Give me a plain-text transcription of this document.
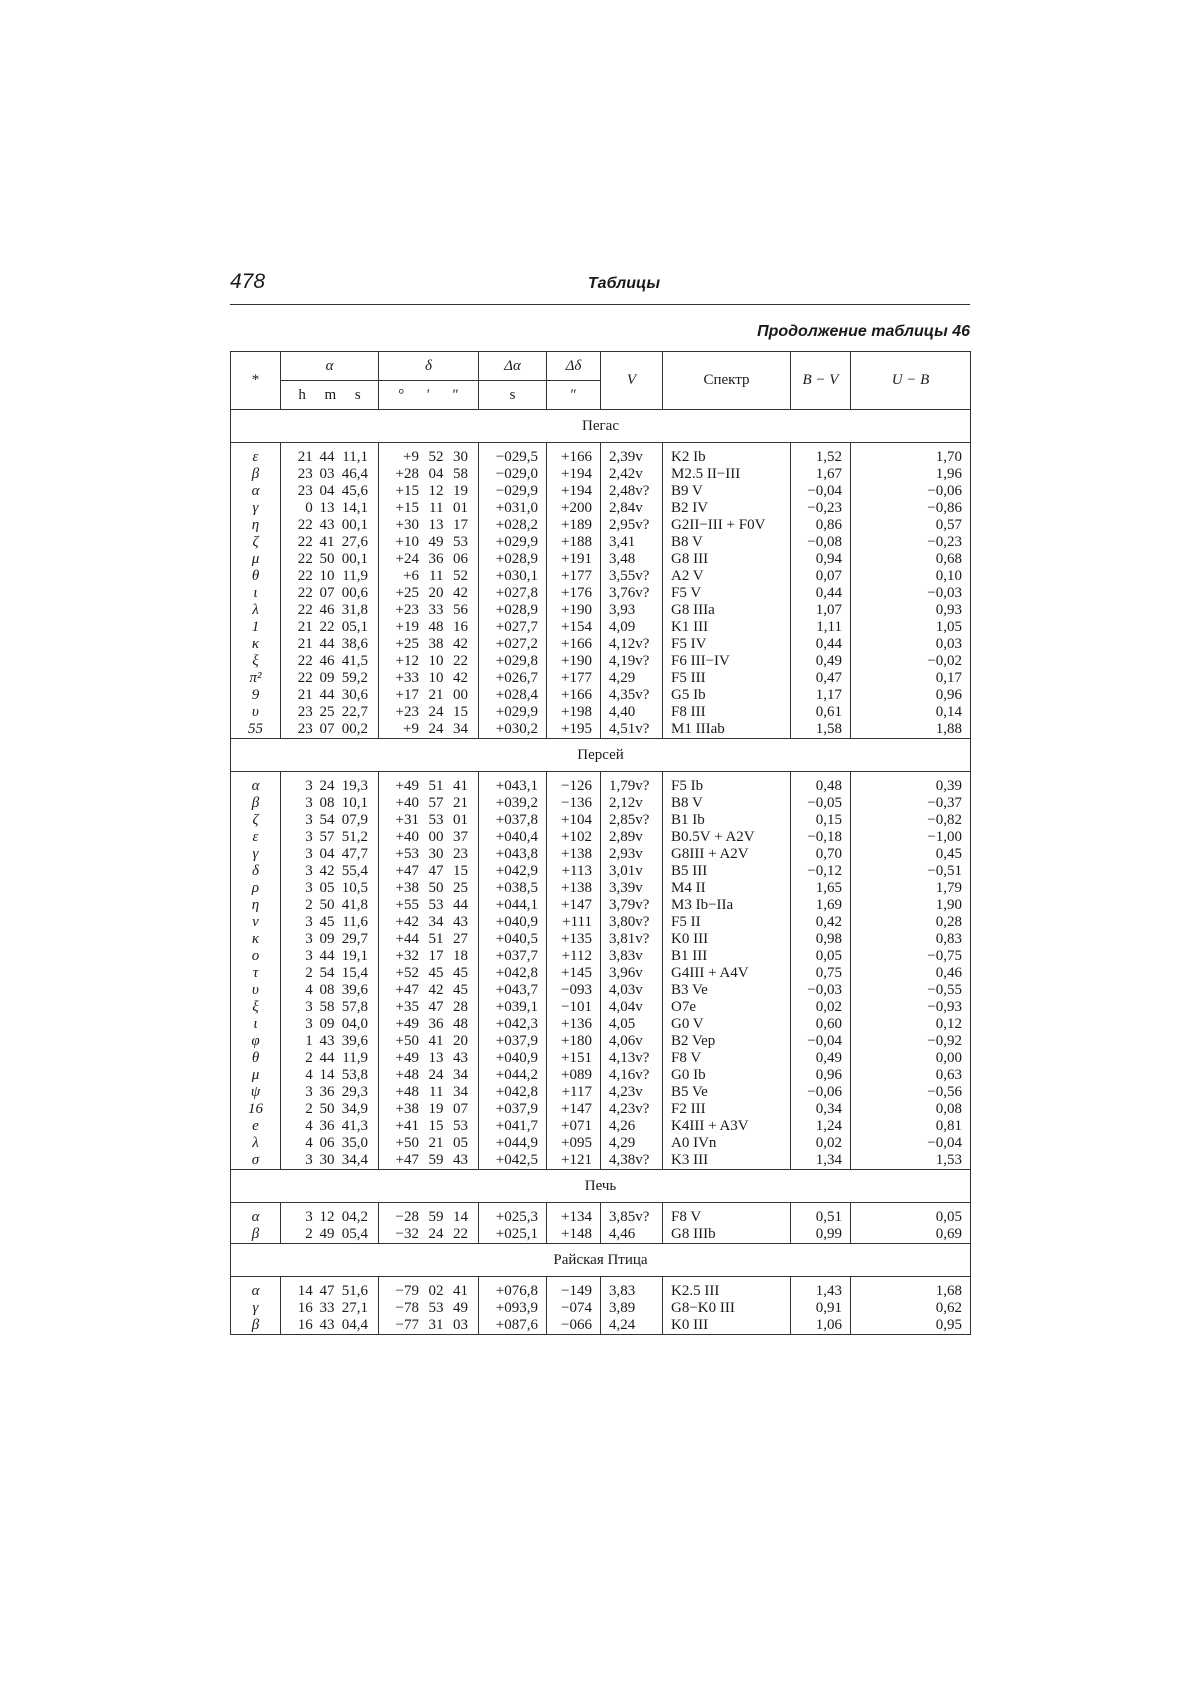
478	Таблицы
Продолжение таблицы 46
*	α	δ	Δα	Δδ	V	Спектр	B − V	U − B

	h m s	° ′ ″	s	″				
Пегас								

ε	21 44 11,1	+9 52 30	−029,5	+166	2,39v	K2 Ib	1,52	1,70
β	23 03 46,4	+28 04 58	−029,0	+194	2,42v	M2.5 II−III	1,67	1,96
α	23 04 45,6	+15 12 19	−029,9	+194	2,48v?	B9 V	−0,04	−0,06
γ	0 13 14,1	+15 11 01	+031,0	+200	2,84v	B2 IV	−0,23	−0,86
η	22 43 00,1	+30 13 17	+028,2	+189	2,95v?	G2II−III + F0V	0,86	0,57
ζ	22 41 27,6	+10 49 53	+029,9	+188	3,41	B8 V	−0,08	−0,23
μ	22 50 00,1	+24 36 06	+028,9	+191	3,48	G8 III	0,94	0,68
θ	22 10 11,9	+6 11 52	+030,1	+177	3,55v?	A2 V	0,07	0,10
ι	22 07 00,6	+25 20 42	+027,8	+176	3,76v?	F5 V	0,44	−0,03
λ	22 46 31,8	+23 33 56	+028,9	+190	3,93	G8 IIIa	1,07	0,93
1	21 22 05,1	+19 48 16	+027,7	+154	4,09	K1 III	1,11	1,05
κ	21 44 38,6	+25 38 42	+027,2	+166	4,12v?	F5 IV	0,44	0,03
ξ	22 46 41,5	+12 10 22	+029,8	+190	4,19v?	F6 III−IV	0,49	−0,02
π²	22 09 59,2	+33 10 42	+026,7	+177	4,29	F5 III	0,47	0,17
9	21 44 30,6	+17 21 00	+028,4	+166	4,35v?	G5 Ib	1,17	0,96
υ	23 25 22,7	+23 24 15	+029,9	+198	4,40	F8 III	0,61	0,14
55	23 07 00,2	+9 24 34	+030,2	+195	4,51v?	M1 IIIab	1,58	1,88
Персей								

α	3 24 19,3	+49 51 41	+043,1	−126	1,79v?	F5 Ib	0,48	0,39
β	3 08 10,1	+40 57 21	+039,2	−136	2,12v	B8 V	−0,05	−0,37
ζ	3 54 07,9	+31 53 01	+037,8	+104	2,85v?	B1 Ib	0,15	−0,82
ε	3 57 51,2	+40 00 37	+040,4	+102	2,89v	B0.5V + A2V	−0,18	−1,00
γ	3 04 47,7	+53 30 23	+043,8	+138	2,93v	G8III + A2V	0,70	0,45
δ	3 42 55,4	+47 47 15	+042,9	+113	3,01v	B5 III	−0,12	−0,51
ρ	3 05 10,5	+38 50 25	+038,5	+138	3,39v	M4 II	1,65	1,79
η	2 50 41,8	+55 53 44	+044,1	+147	3,79v?	M3 Ib−IIa	1,69	1,90
ν	3 45 11,6	+42 34 43	+040,9	+111	3,80v?	F5 II	0,42	0,28
κ	3 09 29,7	+44 51 27	+040,5	+135	3,81v?	K0 III	0,98	0,83
ο	3 44 19,1	+32 17 18	+037,7	+112	3,83v	B1 III	0,05	−0,75
τ	2 54 15,4	+52 45 45	+042,8	+145	3,96v	G4III + A4V	0,75	0,46
υ	4 08 39,6	+47 42 45	+043,7	−093	4,03v	B3 Ve	−0,03	−0,55
ξ	3 58 57,8	+35 47 28	+039,1	−101	4,04v	O7e	0,02	−0,93
ι	3 09 04,0	+49 36 48	+042,3	+136	4,05	G0 V	0,60	0,12
φ	1 43 39,6	+50 41 20	+037,9	+180	4,06v	B2 Vep	−0,04	−0,92
θ	2 44 11,9	+49 13 43	+040,9	+151	4,13v?	F8 V	0,49	0,00
μ	4 14 53,8	+48 24 34	+044,2	+089	4,16v?	G0 Ib	0,96	0,63
ψ	3 36 29,3	+48 11 34	+042,8	+117	4,23v	B5 Ve	−0,06	−0,56
16	2 50 34,9	+38 19 07	+037,9	+147	4,23v?	F2 III	0,34	0,08
e	4 36 41,3	+41 15 53	+041,7	+071	4,26	K4III + A3V	1,24	0,81
λ	4 06 35,0	+50 21 05	+044,9	+095	4,29	A0 IVn	0,02	−0,04
σ	3 30 34,4	+47 59 43	+042,5	+121	4,38v?	K3 III	1,34	1,53
Печь								

α	3 12 04,2	−28 59 14	+025,3	+134	3,85v?	F8 V	0,51	0,05
β	2 49 05,4	−32 24 22	+025,1	+148	4,46	G8 IIIb	0,99	0,69
Райская Птица								

α	14 47 51,6	−79 02 41	+076,8	−149	3,83	K2.5 III	1,43	1,68
γ	16 33 27,1	−78 53 49	+093,9	−074	3,89	G8−K0 III	0,91	0,62
β	16 43 04,4	−77 31 03	+087,6	−066	4,24	K0 III	1,06	0,95
